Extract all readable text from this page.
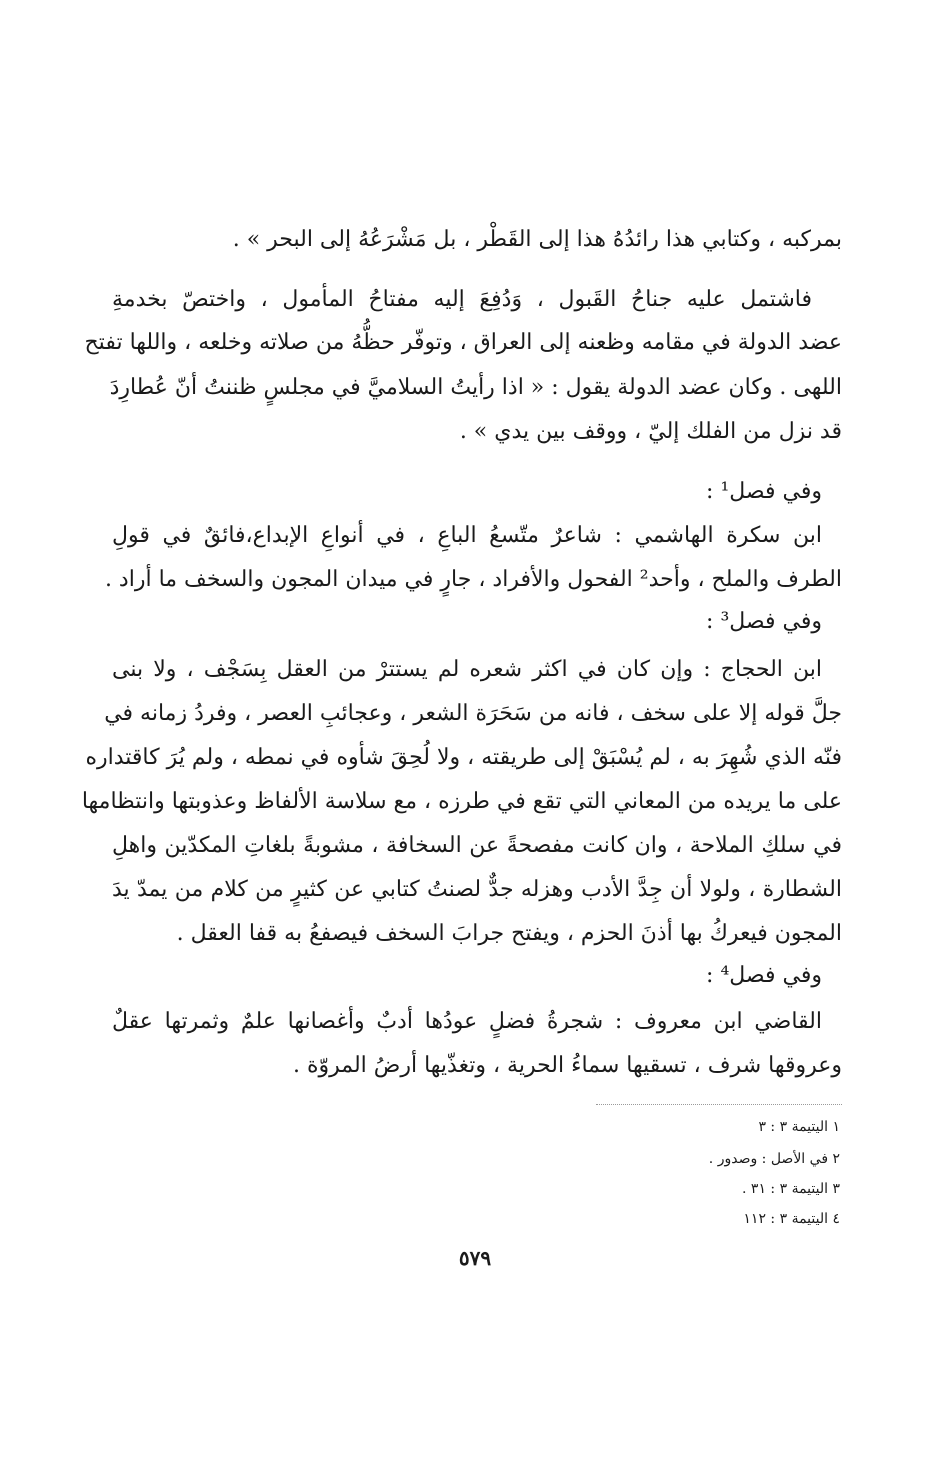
بمركبه ، وكتابي هذا رائدُهُ هذا إلى القَطْر ، بل مَشْرَعُهُ إلى البحر » .
فاشتمل عليه جناحُ القَبول ، وَدُفِعَ إليه مفتاحُ المأمول ، واختصّ بخدمةِ
عضد الدولة في مقامه وظعنه إلى العراق ، وتوفّر حظُّهُ من صلاته وخلعه ، واللها تفتح
اللهى . وكان عضد الدولة يقول : « اذا رأيتُ السلاميَّ في مجلسٍ ظننتُ أنّ عُطارِدَ
قد نزل من الفلك إليّ ، ووقف بين يدي » .
وفي فصل¹ :
ابن سكرة الهاشمي : شاعرٌ متّسعُ الباعِ ، في أنواعِ الإبداع،فائقٌ في قولِ
الطرف والملح ، وأحد² الفحول والأفراد ، جارٍ في ميدان المجون والسخف ما أراد .
وفي فصل³ :
ابن الحجاج : وإن كان في اكثر شعره لم يستترْ من العقل بِسَجْف ، ولا بنى
جلَّ قوله إلا على سخف ، فانه من سَحَرَة الشعر ، وعجائبِ العصر ، وفردُ زمانه في
فنّه الذي شُهِرَ به ، لم يُسْبَقْ إلى طريقته ، ولا لُحِقَ شأوه في نمطه ، ولم يُرَ كاقتداره
على ما يريده من المعاني التي تقع في طرزه ، مع سلاسة الألفاظ وعذوبتها وانتظامها
في سلكِ الملاحة ، وان كانت مفصحةً عن السخافة ، مشوبةً بلغاتِ المكدّين واهلِ
الشطارة ، ولولا أن جِدَّ الأدب وهزله جدٌّ لصنتُ كتابي عن كثيرٍ من كلام من يمدّ يدَ
المجون فيعركُ بها أذنَ الحزم ، ويفتح جرابَ السخف فيصفعُ به قفا العقل .
وفي فصل⁴ :
القاضي ابن معروف : شجرةُ فضلٍ عودُها أدبٌ وأغصانها علمٌ وثمرتها عقلٌ
وعروقها شرف ، تسقيها سماءُ الحرية ، وتغذّيها أرضُ المروّة .
١ اليتيمة ٣ : ٣
٢ في الأصل : وصدور .
٣ اليتيمة ٣ : ٣١ .
٤ اليتيمة ٣ : ١١٢
٥٧٩
